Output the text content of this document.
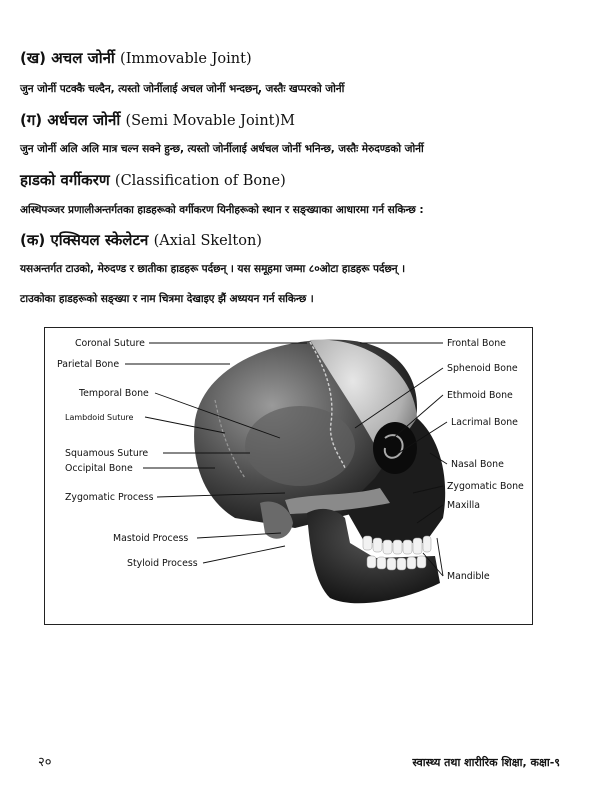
(ख) अचल जोर्नी (Immovable Joint)
जुन जोर्नी पटक्कै चल्दैन, त्यस्तो जोर्नीलाई अचल जोर्नी भन्दछन्, जस्तैः खप्परको जोर्नी
(ग) अर्धचल जोर्नी (Semi Movable Joint)M
जुन जोर्नी अलि अलि मात्र चल्न सक्ने हुन्छ, त्यस्तो जोर्नीलाई अर्धचल जोर्नी भनिन्छ, जस्तैः मेरुदण्डको जोर्नी
हाडको वर्गीकरण (Classification of Bone)
अस्थिपञ्जर प्रणालीअन्तर्गतका हाडहरूको वर्गीकरण यिनीहरूको स्थान र सङ्ख्याका आधारमा गर्न सकिन्छ :
(क) एक्सियल स्केलेटन (Axial Skelton)
यसअन्तर्गत टाउको, मेरुदण्ड र छातीका हाडहरू पर्दछन् । यस समूहमा जम्मा ८०ओटा हाडहरू पर्दछन् ।
टाउकोका हाडहरूको सङ्ख्या र नाम चित्रमा देखाइए झैं अध्ययन गर्न सकिन्छ ।
Coronal Suture
Parietal Bone
Temporal Bone
Lambdoid Suture
Squamous Suture
Occipital Bone
Zygomatic Process
Mastoid Process
Styloid Process
Frontal Bone
Sphenoid Bone
Ethmoid Bone
Lacrimal Bone
Nasal Bone
Zygomatic Bone
Maxilla
Mandible
२०	स्वास्थ्य तथा शारीरिक शिक्षा, कक्षा-९
